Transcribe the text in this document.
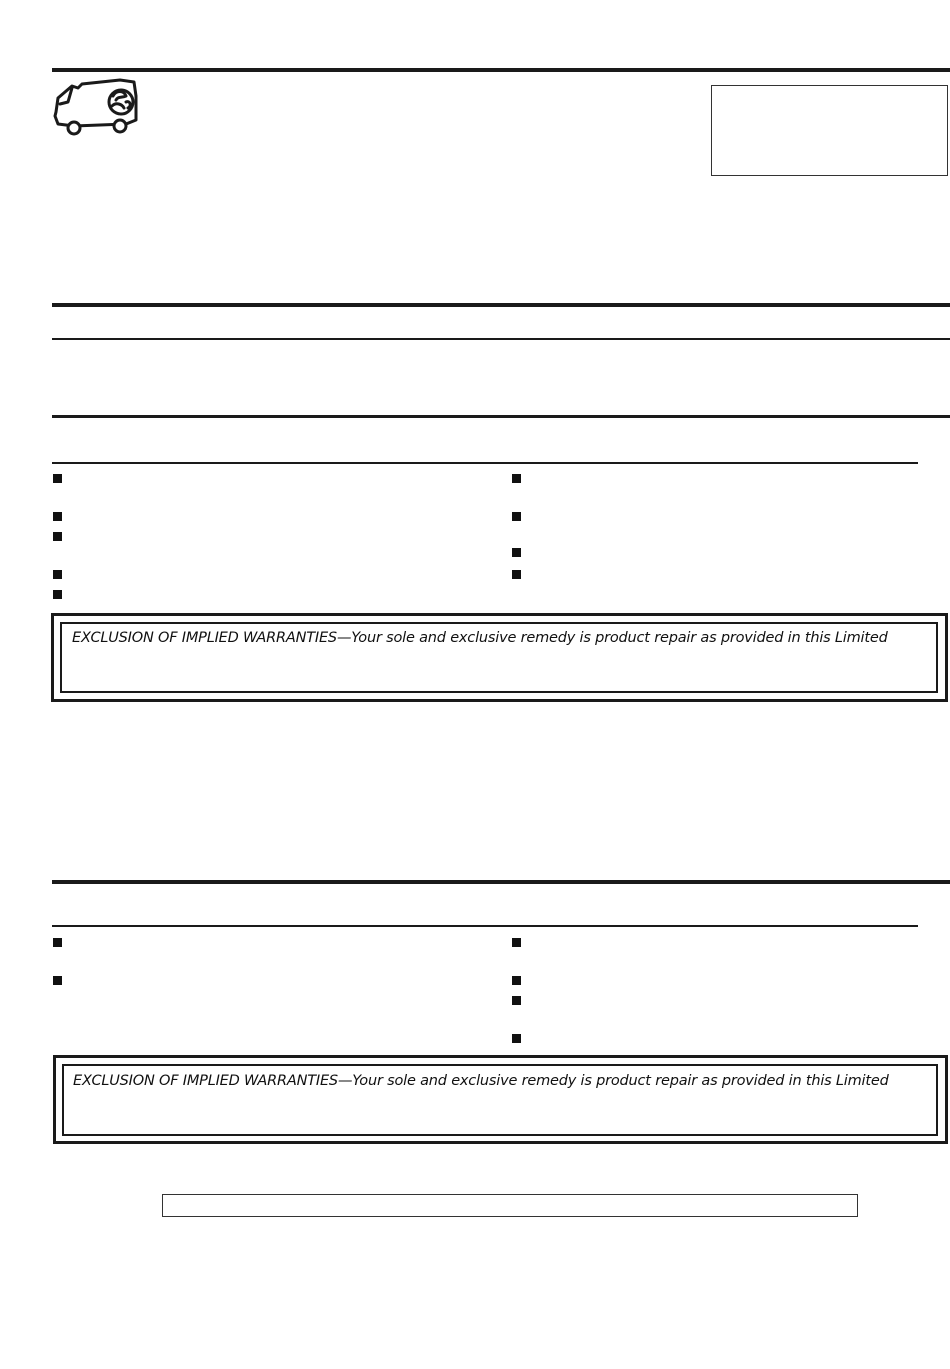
EXCLUSION OF IMPLIED WARRANTIES—Your sole and exclusive remedy is product repair as provided in this Limited
EXCLUSION OF IMPLIED WARRANTIES—Your sole and exclusive remedy is product repair as provided in this Limited
